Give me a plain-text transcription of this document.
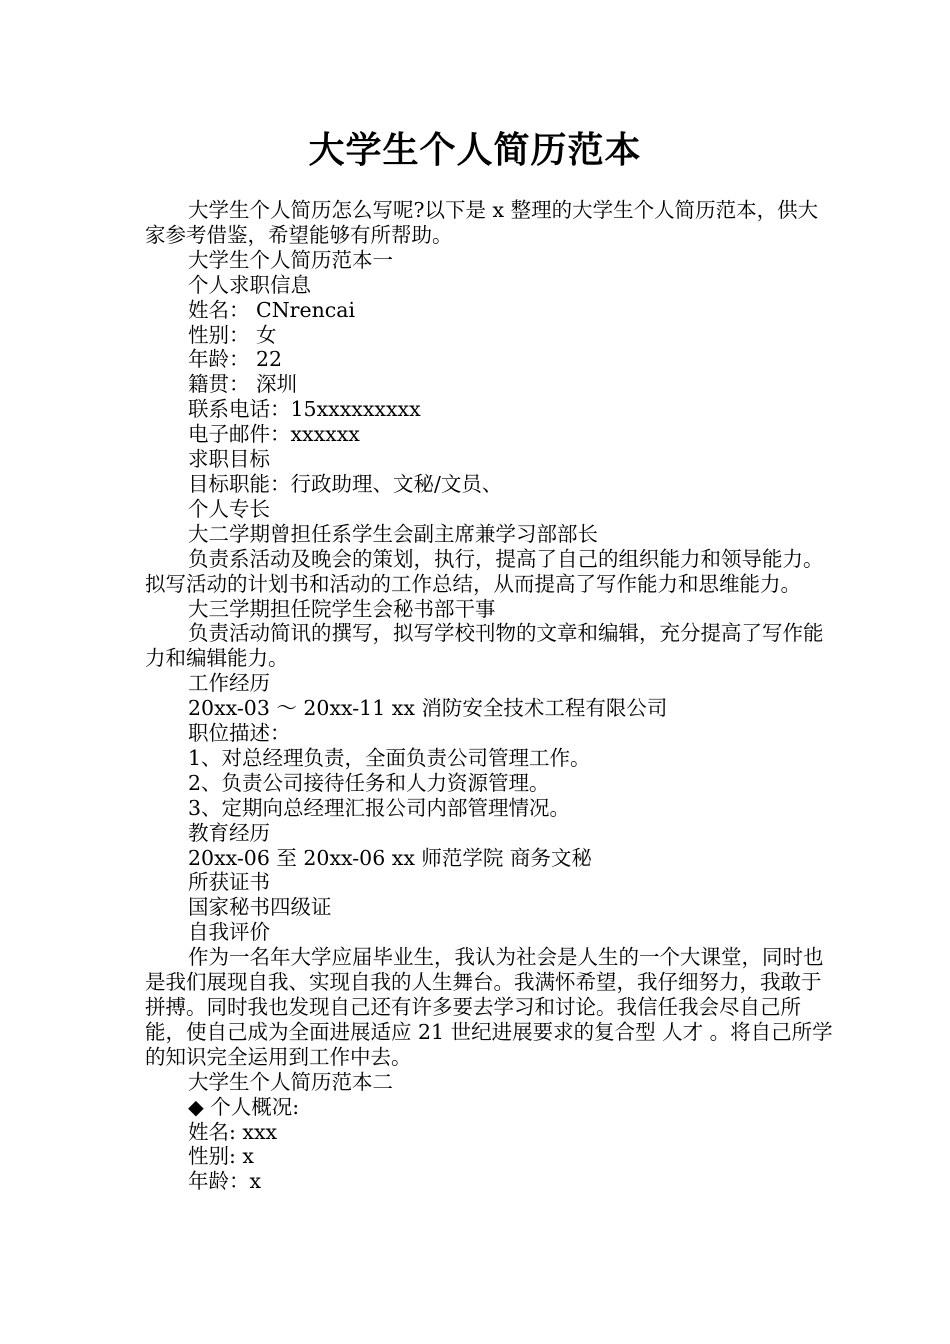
大学生个人简历范本

大学生个人简历怎么写呢?以下是 x 整理的大学生个人简历范本，供大家参考借鉴，希望能够有所帮助。

大学生个人简历范本一

个人求职信息

姓名： CNrencai

性别： 女

年龄： 22

籍贯： 深圳

联系电话：15xxxxxxxxx

电子邮件：xxxxxx

求职目标

目标职能：行政助理、文秘/文员、

个人专长

大二学期曾担任系学生会副主席兼学习部部长

负责系活动及晚会的策划，执行，提高了自己的组织能力和领导能力。拟写活动的计划书和活动的工作总结，从而提高了写作能力和思维能力。

大三学期担任院学生会秘书部干事

负责活动简讯的撰写，拟写学校刊物的文章和编辑，充分提高了写作能力和编辑能力。

工作经历

20xx-03 ～ 20xx-11 xx 消防安全技术工程有限公司

职位描述：

1、对总经理负责，全面负责公司管理工作。

2、负责公司接待任务和人力资源管理。

3、定期向总经理汇报公司内部管理情况。

教育经历

20xx-06 至 20xx-06 xx 师范学院 商务文秘

所获证书

国家秘书四级证

自我评价

作为一名年大学应届毕业生，我认为社会是人生的一个大课堂，同时也是我们展现自我、实现自我的人生舞台。我满怀希望，我仔细努力，我敢于拼搏。同时我也发现自己还有许多要去学习和讨论。我信任我会尽自己所能，使自己成为全面进展适应 21 世纪进展要求的复合型 人才 。将自己所学的知识完全运用到工作中去。

大学生个人简历范本二

◆ 个人概况:

姓名: xxx

性别: x

年龄：x
